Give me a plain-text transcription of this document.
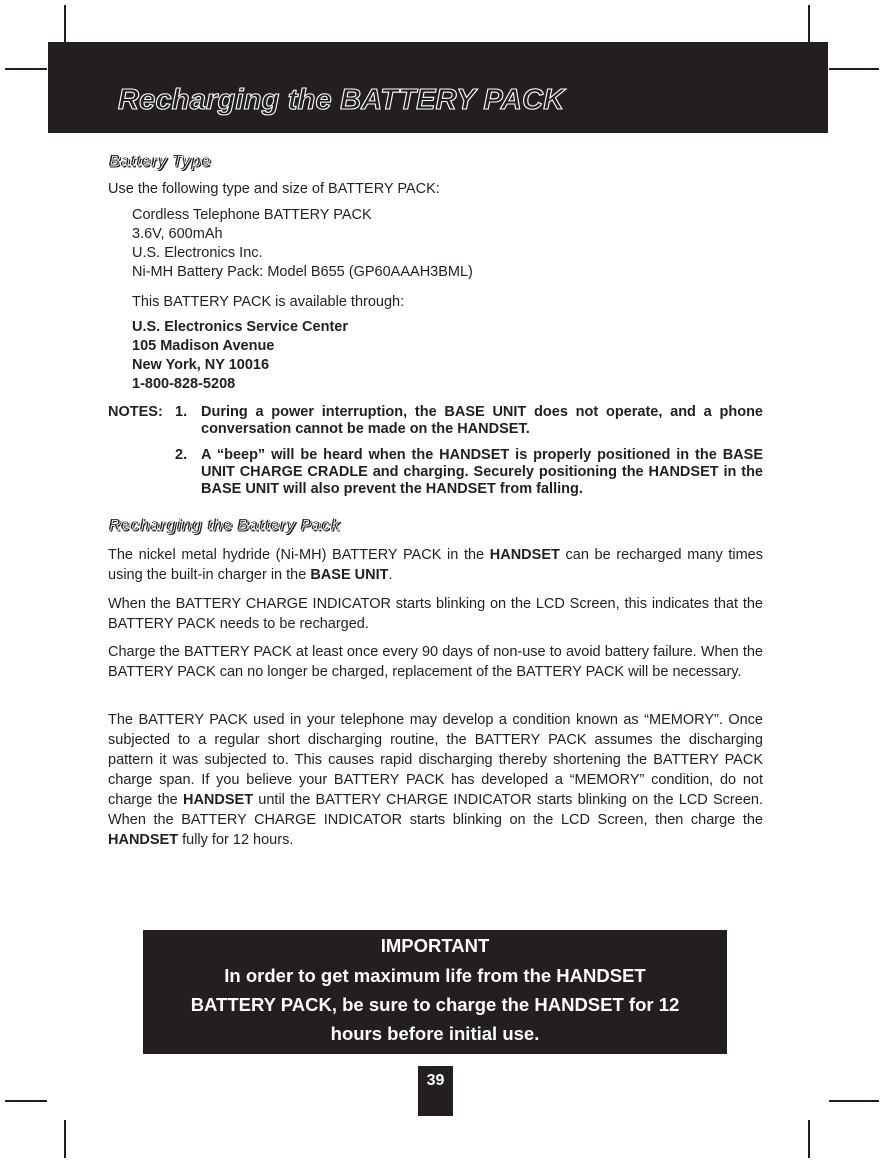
Recharging the BATTERY PACK
Battery Type

Use the following type and size of BATTERY PACK:

Cordless Telephone BATTERY PACK

3.6V, 600mAh

U.S. Electronics Inc.

Ni-MH Battery Pack: Model B655 (GP60AAAH3BML)

This BATTERY PACK is available through:

U.S. Electronics Service Center

105 Madison Avenue

New York, NY 10016

1-800-828-5208

NOTES: 1. During a power interruption, the BASE UNIT does not operate, and a phone conversation cannot be made on the HANDSET.

2. A “beep” will be heard when the HANDSET is properly positioned in the BASE UNIT CHARGE CRADLE and charging. Securely positioning the HANDSET in the BASE UNIT will also prevent the HANDSET from falling.

Recharging the Battery Pack

The nickel metal hydride (Ni-MH) BATTERY PACK in the HANDSET can be recharged many times using the built-in charger in the BASE UNIT.

When the BATTERY CHARGE INDICATOR starts blinking on the LCD Screen, this indicates that the BATTERY PACK needs to be recharged.

Charge the BATTERY PACK at least once every 90 days of non-use to avoid battery failure. When the BATTERY PACK can no longer be charged, replacement of the BATTERY PACK will be necessary.

The BATTERY PACK used in your telephone may develop a condition known as “MEMORY”. Once subjected to a regular short discharging routine, the BATTERY PACK assumes the discharging pattern it was subjected to. This causes rapid discharging thereby shortening the BATTERY PACK charge span. If you believe your BATTERY PACK has developed a “MEMORY” condition, do not charge the HANDSET until the BATTERY CHARGE INDICATOR starts blinking on the LCD Screen. When the BATTERY CHARGE INDICATOR starts blinking on the LCD Screen, then charge the HANDSET fully for 12 hours.

IMPORTANT
In order to get maximum life from the HANDSET
BATTERY PACK, be sure to charge the HANDSET for 12
hours before initial use.
39
